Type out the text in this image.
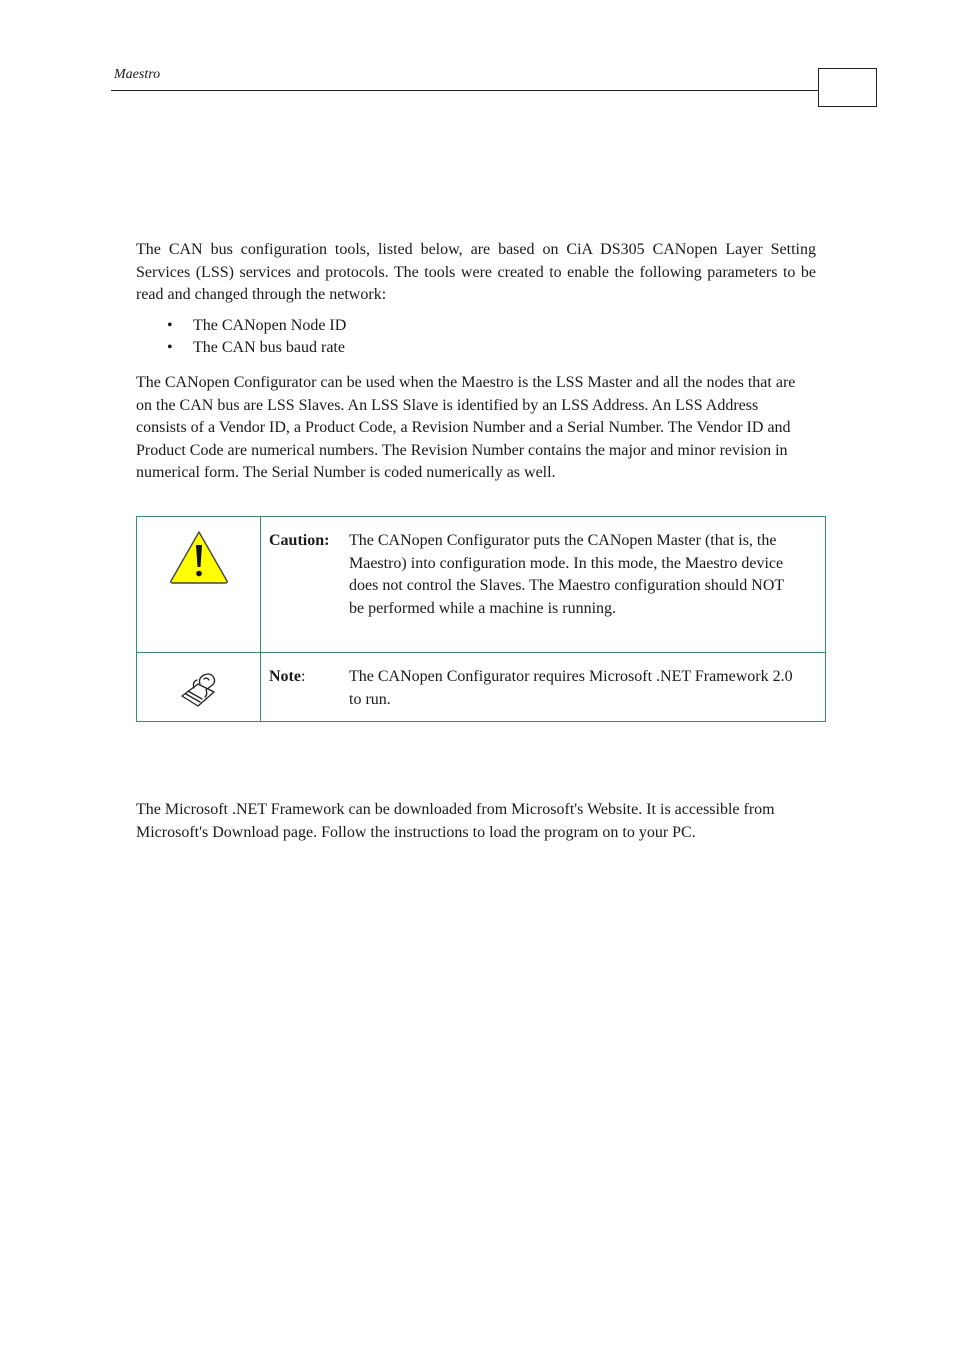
Maestro

The CAN bus configuration tools, listed below, are based on CiA DS305 CANopen Layer Setting Services (LSS) services and protocols. The tools were created to enable the following parameters to be read and changed through the network:

• The CANopen Node ID
• The CAN bus baud rate

The CANopen Configurator can be used when the Maestro is the LSS Master and all the nodes that are on the CAN bus are LSS Slaves. An LSS Slave is identified by an LSS Address. An LSS Address consists of a Vendor ID, a Product Code, a Revision Number and a Serial Number. The Vendor ID and Product Code are numerical numbers. The Revision Number contains the major and minor revision in numerical form. The Serial Number is coded numerically as well.

Caution: The CANopen Configurator puts the CANopen Master (that is, the Maestro) into configuration mode. In this mode, the Maestro device does not control the Slaves. The Maestro configuration should NOT be performed while a machine is running.

Note: The CANopen Configurator requires Microsoft .NET Framework 2.0 to run.

The Microsoft .NET Framework can be downloaded from Microsoft's Website. It is accessible from Microsoft's Download page. Follow the instructions to load the program on to your PC.
